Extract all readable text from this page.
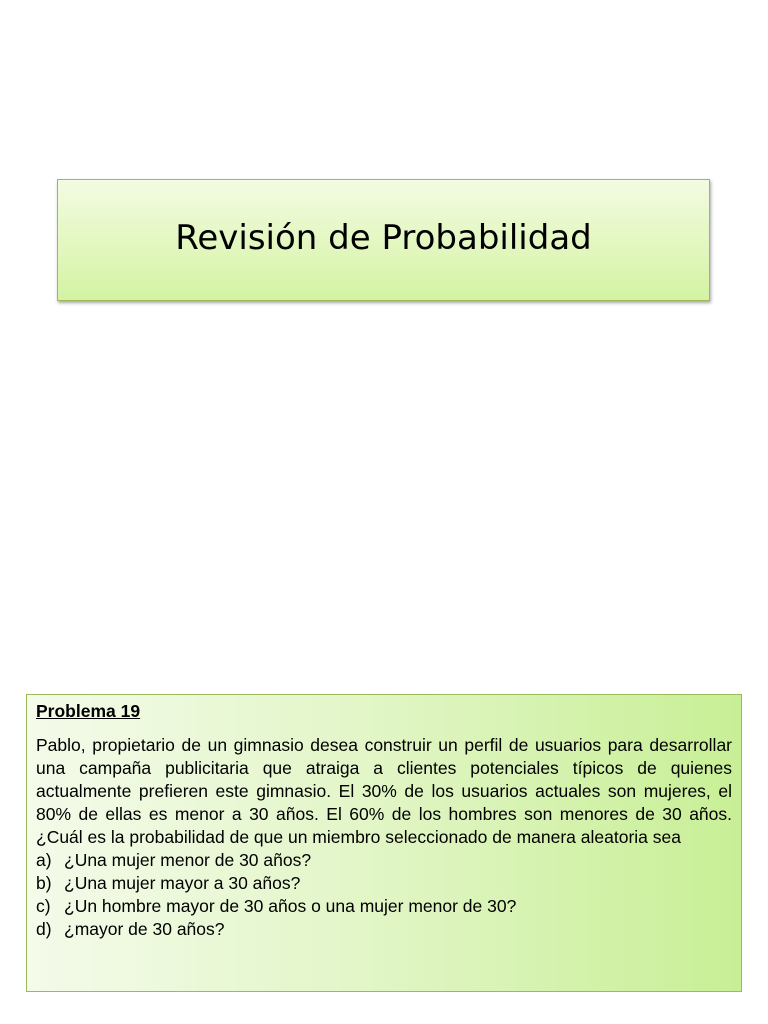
Revisión de Probabilidad
Problema 19

Pablo, propietario de un gimnasio desea construir un perfil de usuarios para desarrollar una campaña publicitaria que atraiga a clientes potenciales típicos de quienes actualmente prefieren este gimnasio. El 30% de los usuarios actuales son mujeres, el 80% de ellas es menor a 30 años. El 60% de los hombres son menores de 30 años. ¿Cuál es la probabilidad de que un miembro seleccionado de manera aleatoria sea

a) ¿Una mujer menor de 30 años?
b) ¿Una mujer mayor a 30 años?
c) ¿Un hombre mayor de 30 años o una mujer menor de 30?
d) ¿mayor de 30 años?
